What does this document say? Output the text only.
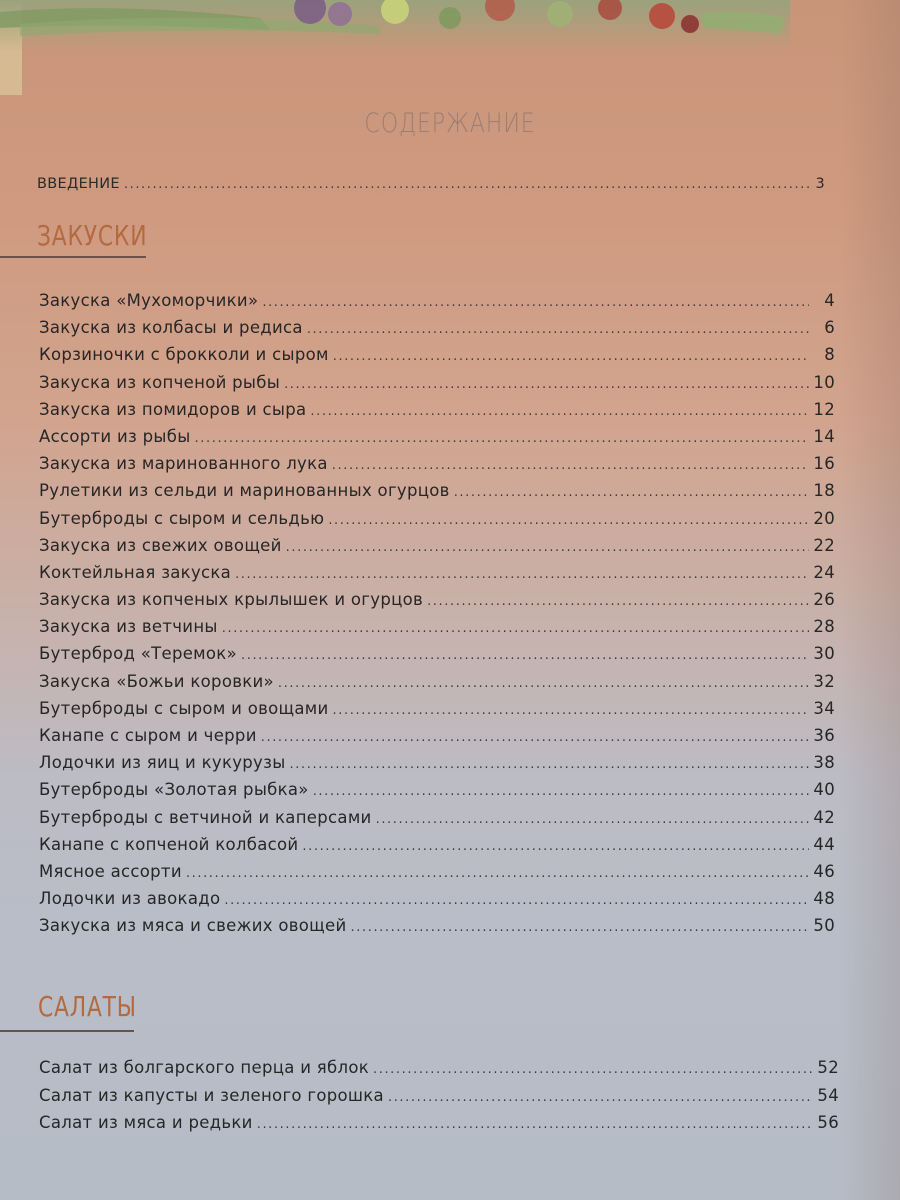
СОДЕРЖАНИЕ
ВВЕДЕНИЕ .....	3
ЗАКУСКИ
Закуска «Мухоморчики» .....	4
Закуска из колбасы и редиса .....	6
Корзиночки с брокколи и сыром .....	8
Закуска из копченой рыбы .....	10
Закуска из помидоров и сыра .....	12
Ассорти из рыбы .....	14
Закуска из маринованного лука .....	16
Рулетики из сельди и маринованных огурцов .....	18
Бутерброды с сыром и сельдью .....	20
Закуска из свежих овощей .....	22
Коктейльная закуска .....	24
Закуска из копченых крылышек и огурцов .....	26
Закуска из ветчины .....	28
Бутерброд «Теремок» .....	30
Закуска «Божьи коровки» .....	32
Бутерброды с сыром и овощами .....	34
Канапе с сыром и черри .....	36
Лодочки из яиц и кукурузы .....	38
Бутерброды «Золотая рыбка» .....	40
Бутерброды с ветчиной и каперсами .....	42
Канапе с копченой колбасой .....	44
Мясное ассорти .....	46
Лодочки из авокадо .....	48
Закуска из мяса и свежих овощей .....	50
САЛАТЫ
Салат из болгарского перца и яблок .....	52
Салат из капусты и зеленого горошка .....	54
Салат из мяса и редьки .....	56
